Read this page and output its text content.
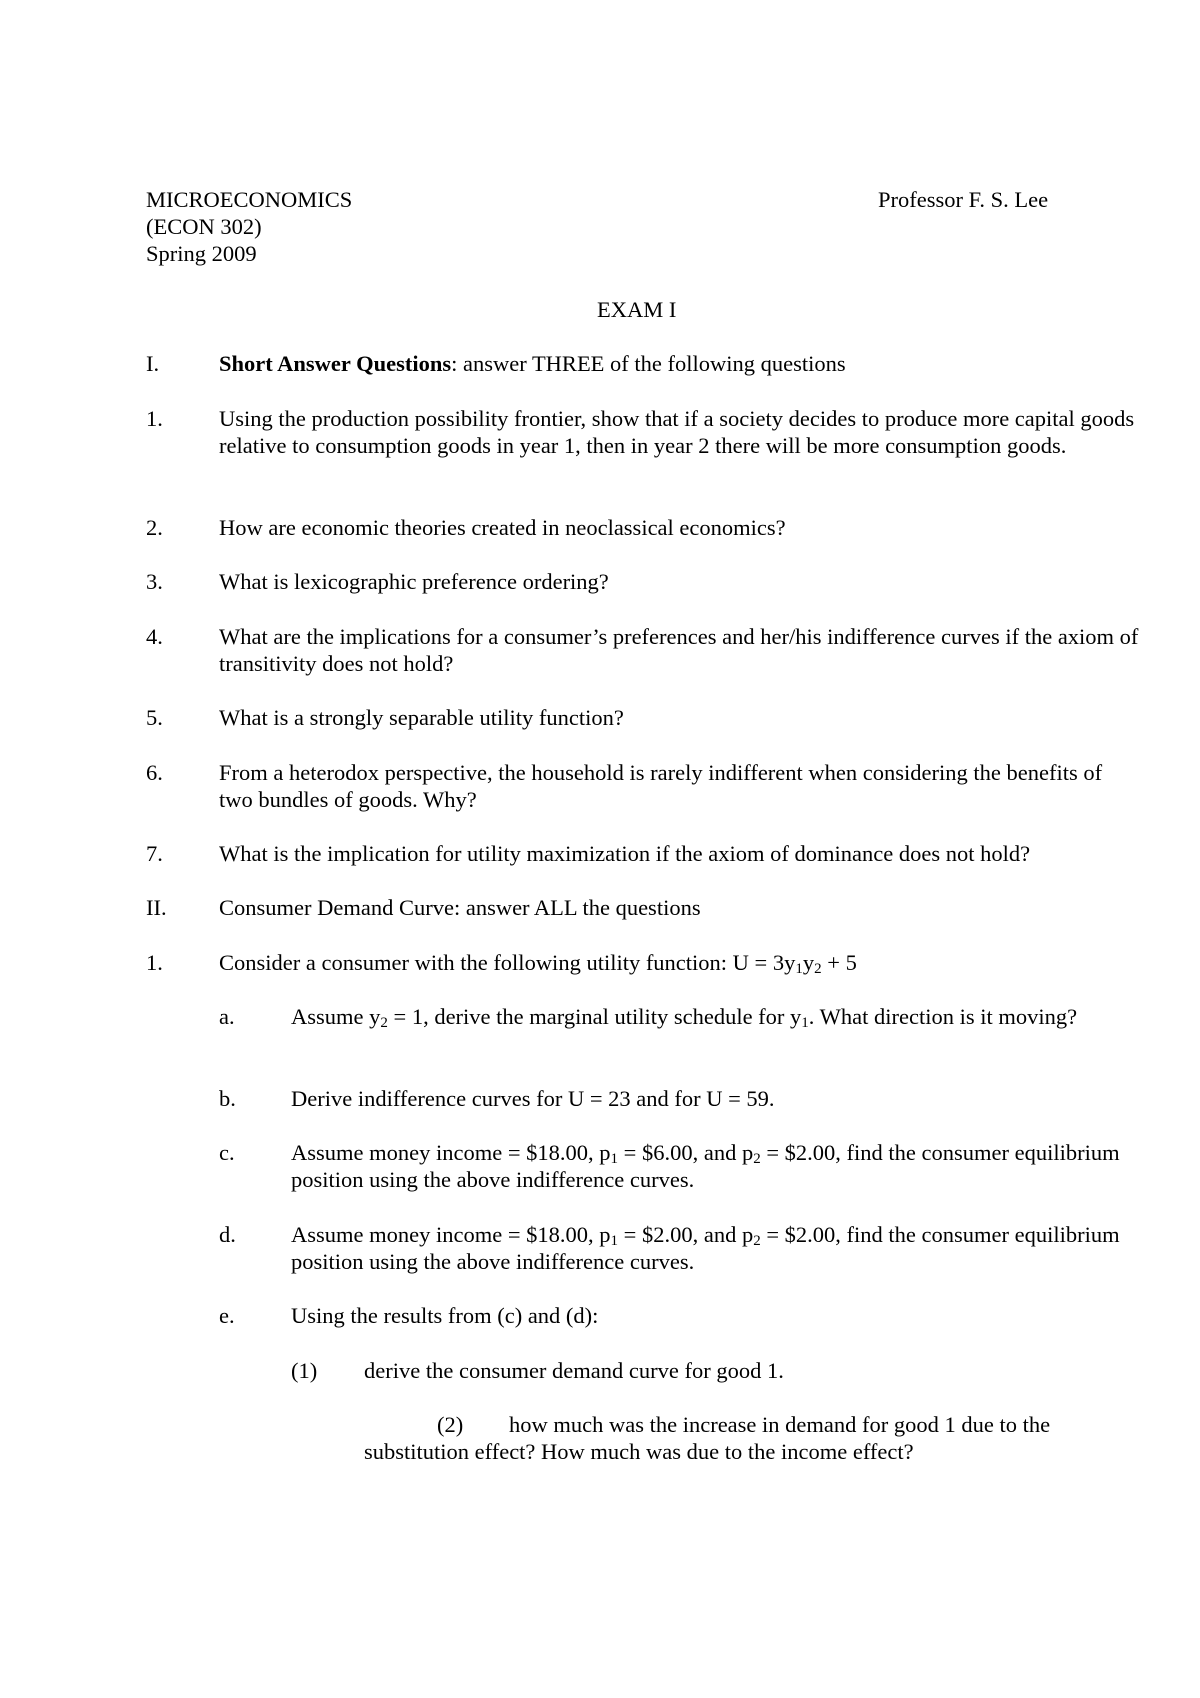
MICROECONOMICS
(ECON 302)
Spring 2009
Professor F. S. Lee
EXAM I
I.	Short Answer Questions: answer THREE of the following questions
1. Using the production possibility frontier, show that if a society decides to produce more capital goods relative to consumption goods in year 1, then in year 2 there will be more consumption goods.
2. How are economic theories created in neoclassical economics?
3. What is lexicographic preference ordering?
4. What are the implications for a consumer’s preferences and her/his indifference curves if the axiom of transitivity does not hold?
5. What is a strongly separable utility function?
6. From a heterodox perspective, the household is rarely indifferent when considering the benefits of two bundles of goods. Why?
7. What is the implication for utility maximization if the axiom of dominance does not hold?
II. Consumer Demand Curve: answer ALL the questions
1. Consider a consumer with the following utility function: $U = 3y_1y_2 + 5$
a.	Assume $y_2 = 1$, derive the marginal utility schedule for $y_1$. What direction is it moving?
b. Derive indifference curves for U = 23 and for U = 59.
c.	Assume money income = $18.00, $p_1$ = $6.00, and $p_2$ = $2.00, find the consumer equilibrium position using the above indifference curves.
d. Assume money income = $18.00, $p_1$ = $2.00, and $p_2$ = $2.00, find the consumer equilibrium position using the above indifference curves.
e.	Using the results from (c) and (d):
(1) derive the consumer demand curve for good 1.
(2) how much was the increase in demand for good 1 due to the
substitution effect? How much was due to the income effect?
